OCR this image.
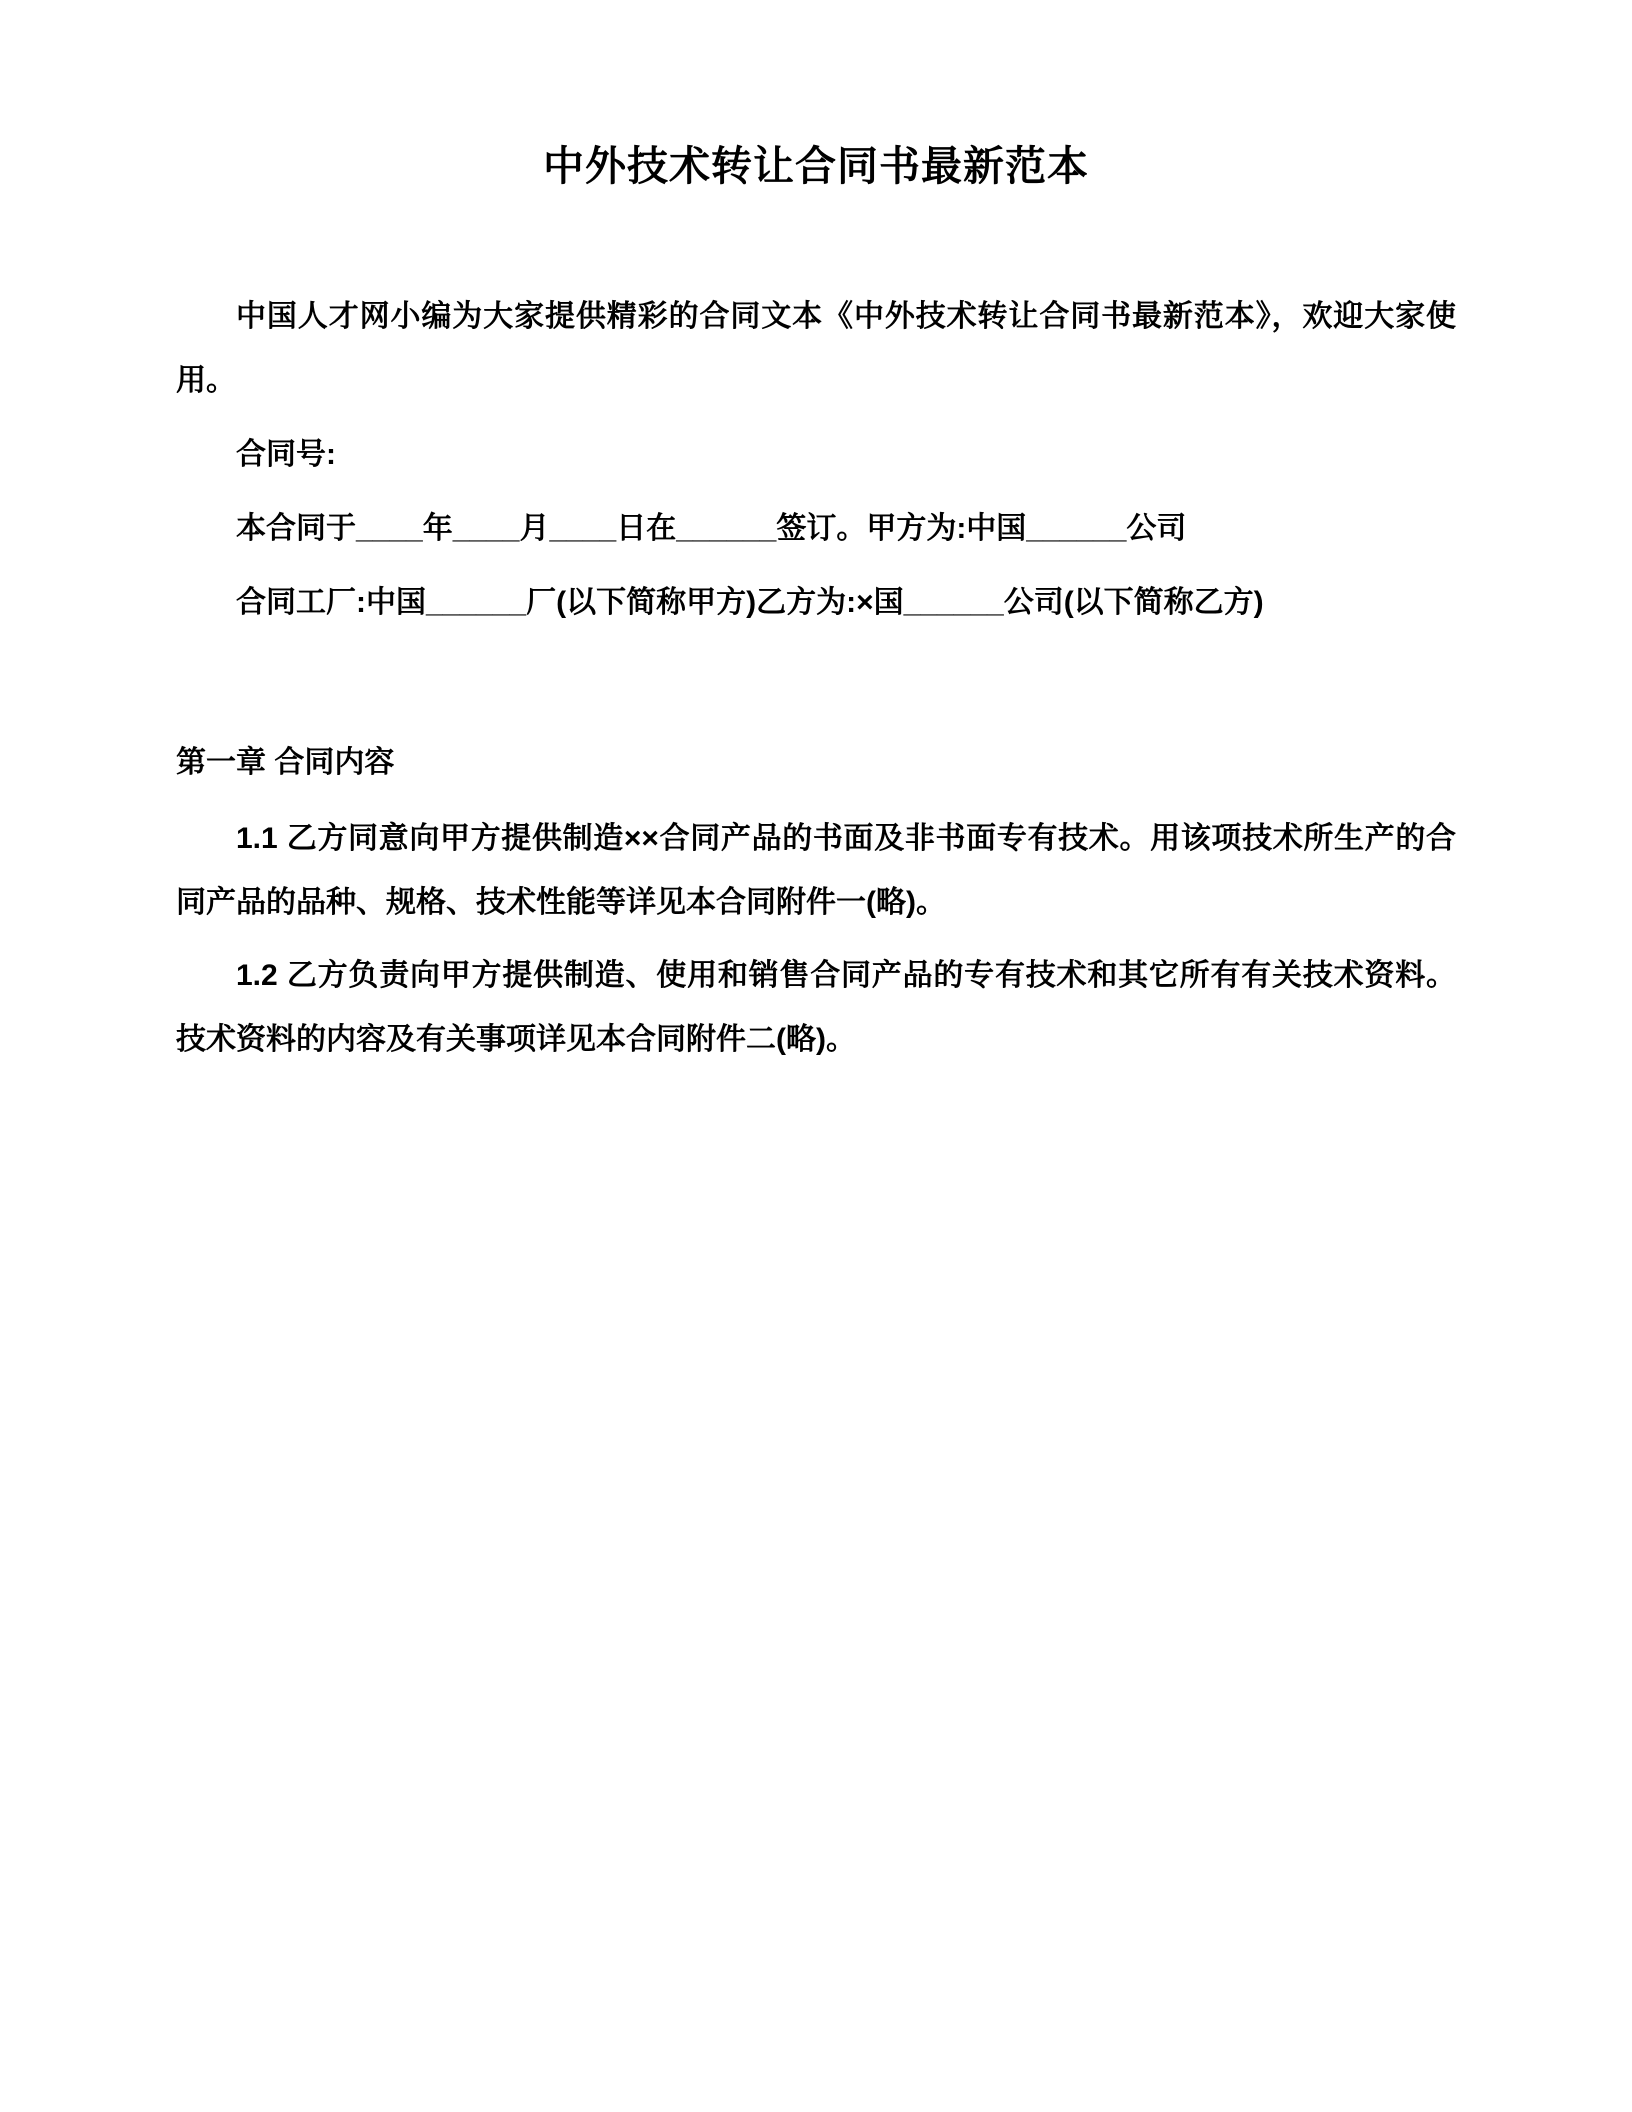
中外技术转让合同书最新范本

中国人才网小编为大家提供精彩的合同文本《中外技术转让合同书最新范本》，欢迎大家使用。

合同号:

本合同于____年____月____日在______签订。甲方为:中国______公司

合同工厂:中国______厂(以下简称甲方)乙方为:×国______公司(以下简称乙方)

第一章 合同内容

1.1 乙方同意向甲方提供制造××合同产品的书面及非书面专有技术。用该项技术所生产的合同产品的品种、规格、技术性能等详见本合同附件一(略)。

1.2 乙方负责向甲方提供制造、使用和销售合同产品的专有技术和其它所有有关技术资料。技术资料的内容及有关事项详见本合同附件二(略)。
